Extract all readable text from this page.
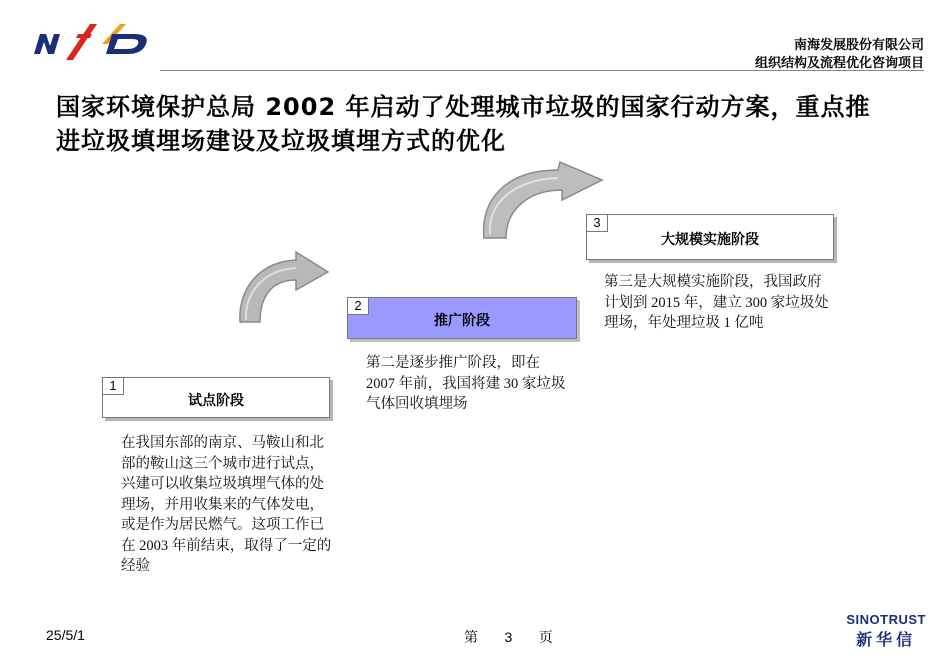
南海发展股份有限公司
组织结构及流程优化咨询项目
国家环境保护总局 2002 年启动了处理城市垃圾的国家行动方案，重点推进垃圾填埋场建设及垃圾填埋方式的优化
1
试点阶段
在我国东部的南京、马鞍山和北部的鞍山这三个城市进行试点，兴建可以收集垃圾填埋气体的处理场，并用收集来的气体发电，或是作为居民燃气。这项工作已在 2003 年前结束，取得了一定的经验
2
推广阶段
第二是逐步推广阶段，即在 2007 年前，我国将建 30 家垃圾气体回收填埋场
3
大规模实施阶段
第三是大规模实施阶段，我国政府计划到 2015 年，建立 300 家垃圾处理场，年处理垃圾 1 亿吨
25/5/1	第 3 页
SINOTRUST
新华信
